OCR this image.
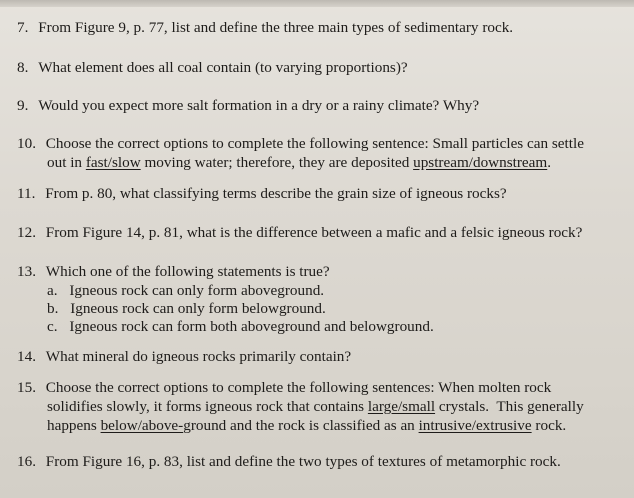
7. From Figure 9, p. 77, list and define the three main types of sedimentary rock.
8. What element does all coal contain (to varying proportions)?
9. Would you expect more salt formation in a dry or a rainy climate? Why?
10. Choose the correct options to complete the following sentence: Small particles can settle
out in fast/slow moving water; therefore, they are deposited upstream/downstream.
11. From p. 80, what classifying terms describe the grain size of igneous rocks?
12. From Figure 14, p. 81, what is the difference between a mafic and a felsic igneous rock?
13. Which one of the following statements is true?
a. Igneous rock can only form aboveground.
b. Igneous rock can only form belowground.
c. Igneous rock can form both aboveground and belowground.
14. What mineral do igneous rocks primarily contain?
15. Choose the correct options to complete the following sentences: When molten rock
solidifies slowly, it forms igneous rock that contains large/small crystals.  This generally
happens below/above-ground and the rock is classified as an intrusive/extrusive rock.
16. From Figure 16, p. 83, list and define the two types of textures of metamorphic rock.
